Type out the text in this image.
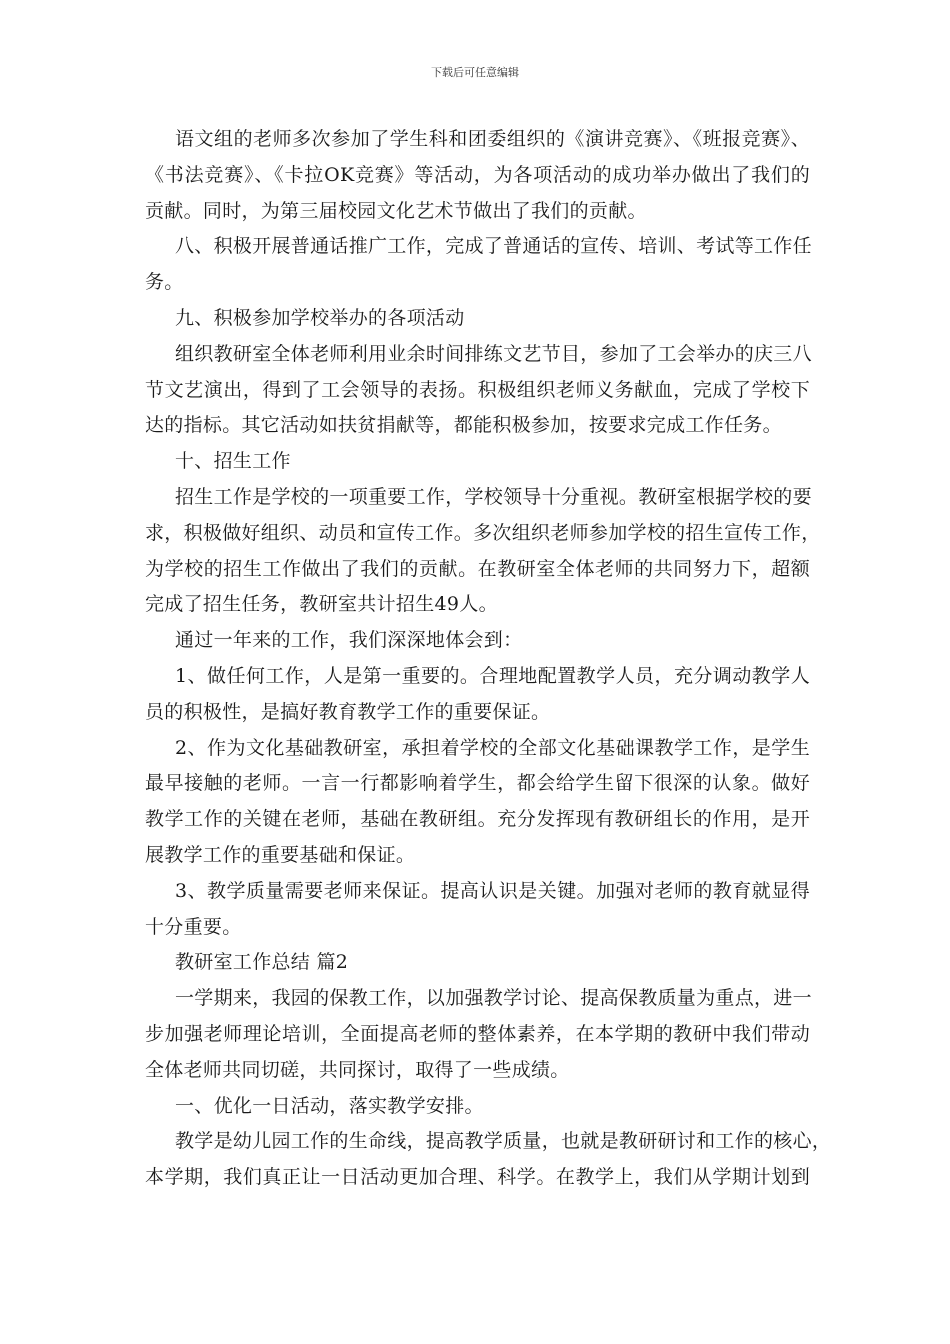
下载后可任意编辑
语文组的老师多次参加了学生科和团委组织的《演讲竞赛》、《班报竞赛》、
《书法竞赛》、《卡拉OK竞赛》等活动，为各项活动的成功举办做出了我们的
贡献。同时，为第三届校园文化艺术节做出了我们的贡献。
八、积极开展普通话推广工作，完成了普通话的宣传、培训、考试等工作任
务。
九、积极参加学校举办的各项活动
组织教研室全体老师利用业余时间排练文艺节目，参加了工会举办的庆三八
节文艺演出，得到了工会领导的表扬。积极组织老师义务献血，完成了学校下
达的指标。其它活动如扶贫捐献等，都能积极参加，按要求完成工作任务。
十、招生工作
招生工作是学校的一项重要工作，学校领导十分重视。教研室根据学校的要
求，积极做好组织、动员和宣传工作。多次组织老师参加学校的招生宣传工作，
为学校的招生工作做出了我们的贡献。在教研室全体老师的共同努力下，超额
完成了招生任务，教研室共计招生49人。
通过一年来的工作，我们深深地体会到：
1、做任何工作，人是第一重要的。合理地配置教学人员，充分调动教学人
员的积极性，是搞好教育教学工作的重要保证。
2、作为文化基础教研室，承担着学校的全部文化基础课教学工作，是学生
最早接触的老师。一言一行都影响着学生，都会给学生留下很深的认象。做好
教学工作的关键在老师，基础在教研组。充分发挥现有教研组长的作用，是开
展教学工作的重要基础和保证。
3、教学质量需要老师来保证。提高认识是关键。加强对老师的教育就显得
十分重要。
教研室工作总结 篇2
一学期来，我园的保教工作，以加强教学讨论、提高保教质量为重点，进一
步加强老师理论培训，全面提高老师的整体素养，在本学期的教研中我们带动
全体老师共同切磋，共同探讨，取得了一些成绩。
一、优化一日活动，落实教学安排。
教学是幼儿园工作的生命线，提高教学质量，也就是教研研讨和工作的核心，
本学期，我们真正让一日活动更加合理、科学。在教学上，我们从学期计划到
